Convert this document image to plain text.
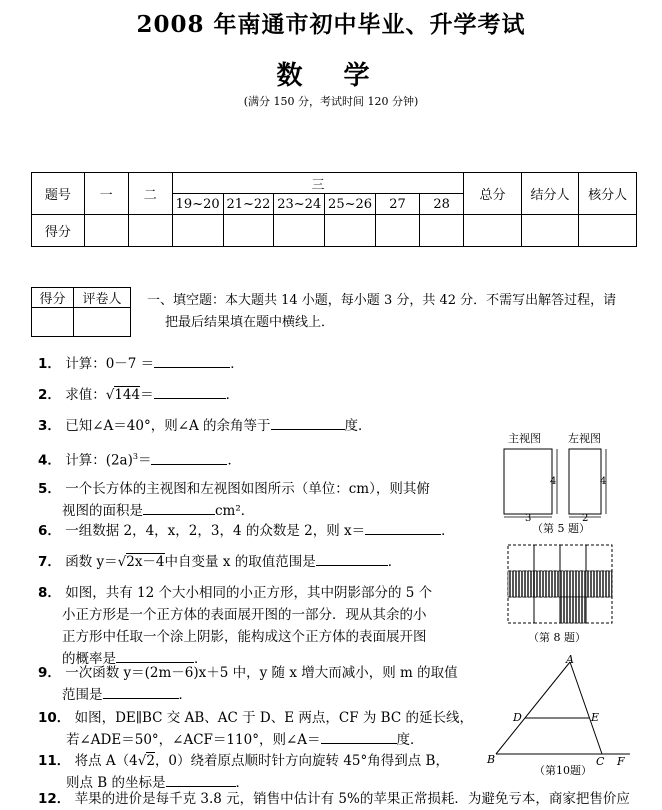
2008 年南通市初中毕业、升学考试
数 学
(满分 150 分，考试时间 120 分钟)
题号	一	二	三						总分	结分人	核分人
			19~20	21~22	23~24	25~26	27	28			
得分											
得分	评卷人
	一、填空题：本大题共 14 小题，每小题 3 分，共 42 分．不需写出解答过程，请
把最后结果填在题中横线上．
1． 计算：0－7 ＝	．
2． 求值：√144＝	．
3． 已知∠A＝40°，则∠A 的余角等于	度．
4． 计算：$(2a)^3=$	．
5． 一个长方体的主视图和左视图如图所示（单位：cm），则其俯
视图的面积是	cm²．
6． 一组数据 2，4，x，2，3，4 的众数是 2，则 x＝	．
7． 函数 y＝√2x－4中自变量 x 的取值范围是	．
8． 如图，共有 12 个大小相同的小正方形，其中阴影部分的 5 个
小正方形是一个正方体的表面展开图的一部分．现从其余的小
正方形中任取一个涂上阴影，能构成这个正方体的表面展开图
的概率是	．
9． 一次函数 y＝(2m－6)x＋5 中，y 随 x 增大而减小，则 m 的取值
范围是	．
10． 如图，DE∥BC 交 AB、AC 于 D、E 两点，CF 为 BC 的延长线，
若∠ADE＝50°，∠ACF＝110°，则∠A＝	度．
11． 将点 A（4√2，0）绕着原点顺时针方向旋转 45°角得到点 B，
则点 B 的坐标是	．
12． 苹果的进价是每千克 3.8 元，销售中估计有 5%的苹果正常损耗．为避免亏本，商家把售价应
主视图 左视图
4	4
3	2
（第 5 题）
（第 8 题）
A
B	C F
D	E
（第10题）
